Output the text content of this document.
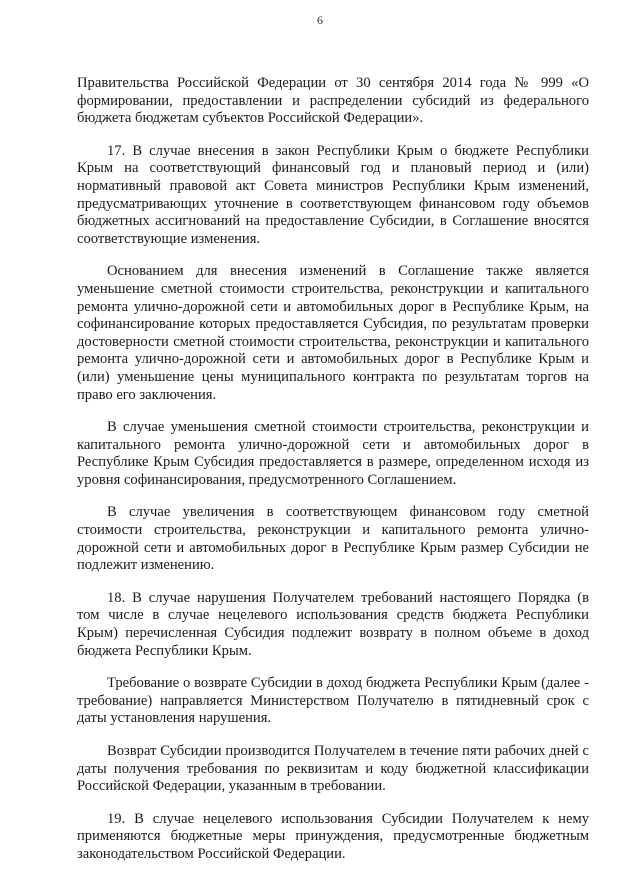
6

Правительства Российской Федерации от 30 сентября 2014 года № 999 «О формировании, предоставлении и распределении субсидий из федерального бюджета бюджетам субъектов Российской Федерации».

17. В случае внесения в закон Республики Крым о бюджете Республики Крым на соответствующий финансовый год и плановый период и (или) нормативный правовой акт Совета министров Республики Крым изменений, предусматривающих уточнение в соответствующем финансовом году объемов бюджетных ассигнований на предоставление Субсидии, в Соглашение вносятся соответствующие изменения.

Основанием для внесения изменений в Соглашение также является уменьшение сметной стоимости строительства, реконструкции и капитального ремонта улично-дорожной сети и автомобильных дорог в Республике Крым, на софинансирование которых предоставляется Субсидия, по результатам проверки достоверности сметной стоимости строительства, реконструкции и капитального ремонта улично-дорожной сети и автомобильных дорог в Республике Крым и (или) уменьшение цены муниципального контракта по результатам торгов на право его заключения.

В случае уменьшения сметной стоимости строительства, реконструкции и капитального ремонта улично-дорожной сети и автомобильных дорог в Республике Крым Субсидия предоставляется в размере, определенном исходя из уровня софинансирования, предусмотренного Соглашением.

В случае увеличения в соответствующем финансовом году сметной стоимости строительства, реконструкции и капитального ремонта улично-дорожной сети и автомобильных дорог в Республике Крым размер Субсидии не подлежит изменению.

18. В случае нарушения Получателем требований настоящего Порядка (в том числе в случае нецелевого использования средств бюджета Республики Крым) перечисленная Субсидия подлежит возврату в полном объеме в доход бюджета Республики Крым.

Требование о возврате Субсидии в доход бюджета Республики Крым (далее - требование) направляется Министерством Получателю в пятидневный срок с даты установления нарушения.

Возврат Субсидии производится Получателем в течение пяти рабочих дней с даты получения требования по реквизитам и коду бюджетной классификации Российской Федерации, указанным в требовании.

19. В случае нецелевого использования Субсидии Получателем к нему применяются бюджетные меры принуждения, предусмотренные бюджетным законодательством Российской Федерации.
